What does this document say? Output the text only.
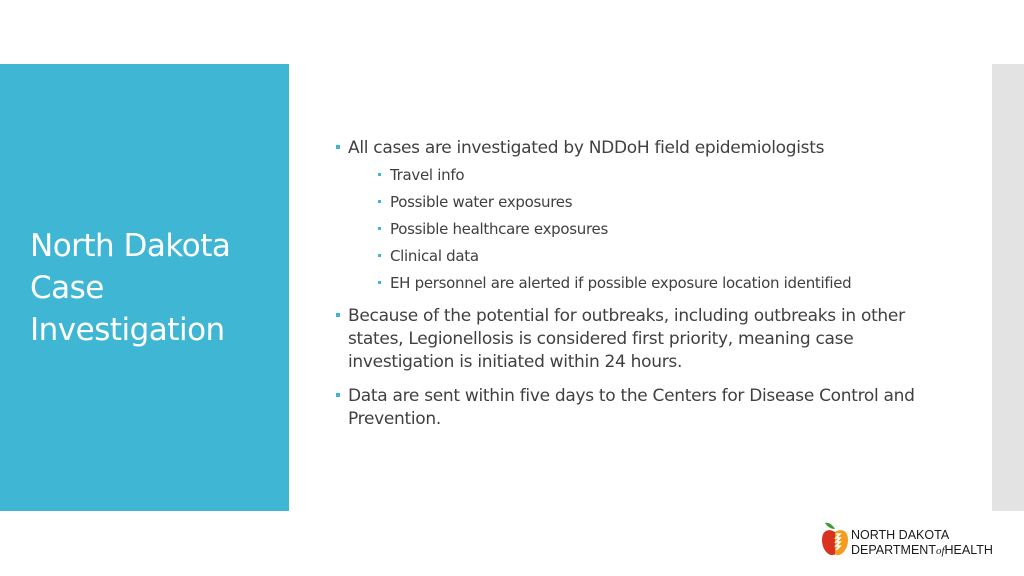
North Dakota
Case
Investigation
All cases are investigated by NDDoH field epidemiologists
Travel info
Possible water exposures
Possible healthcare exposures
Clinical data
EH personnel are alerted if possible exposure location identified
Because of the potential for outbreaks, including outbreaks in other states, Legionellosis is considered first priority, meaning case investigation is initiated within 24 hours.
Data are sent within five days to the Centers for Disease Control and Prevention.
NORTH DAKOTA
DEPARTMENTofHEALTH
